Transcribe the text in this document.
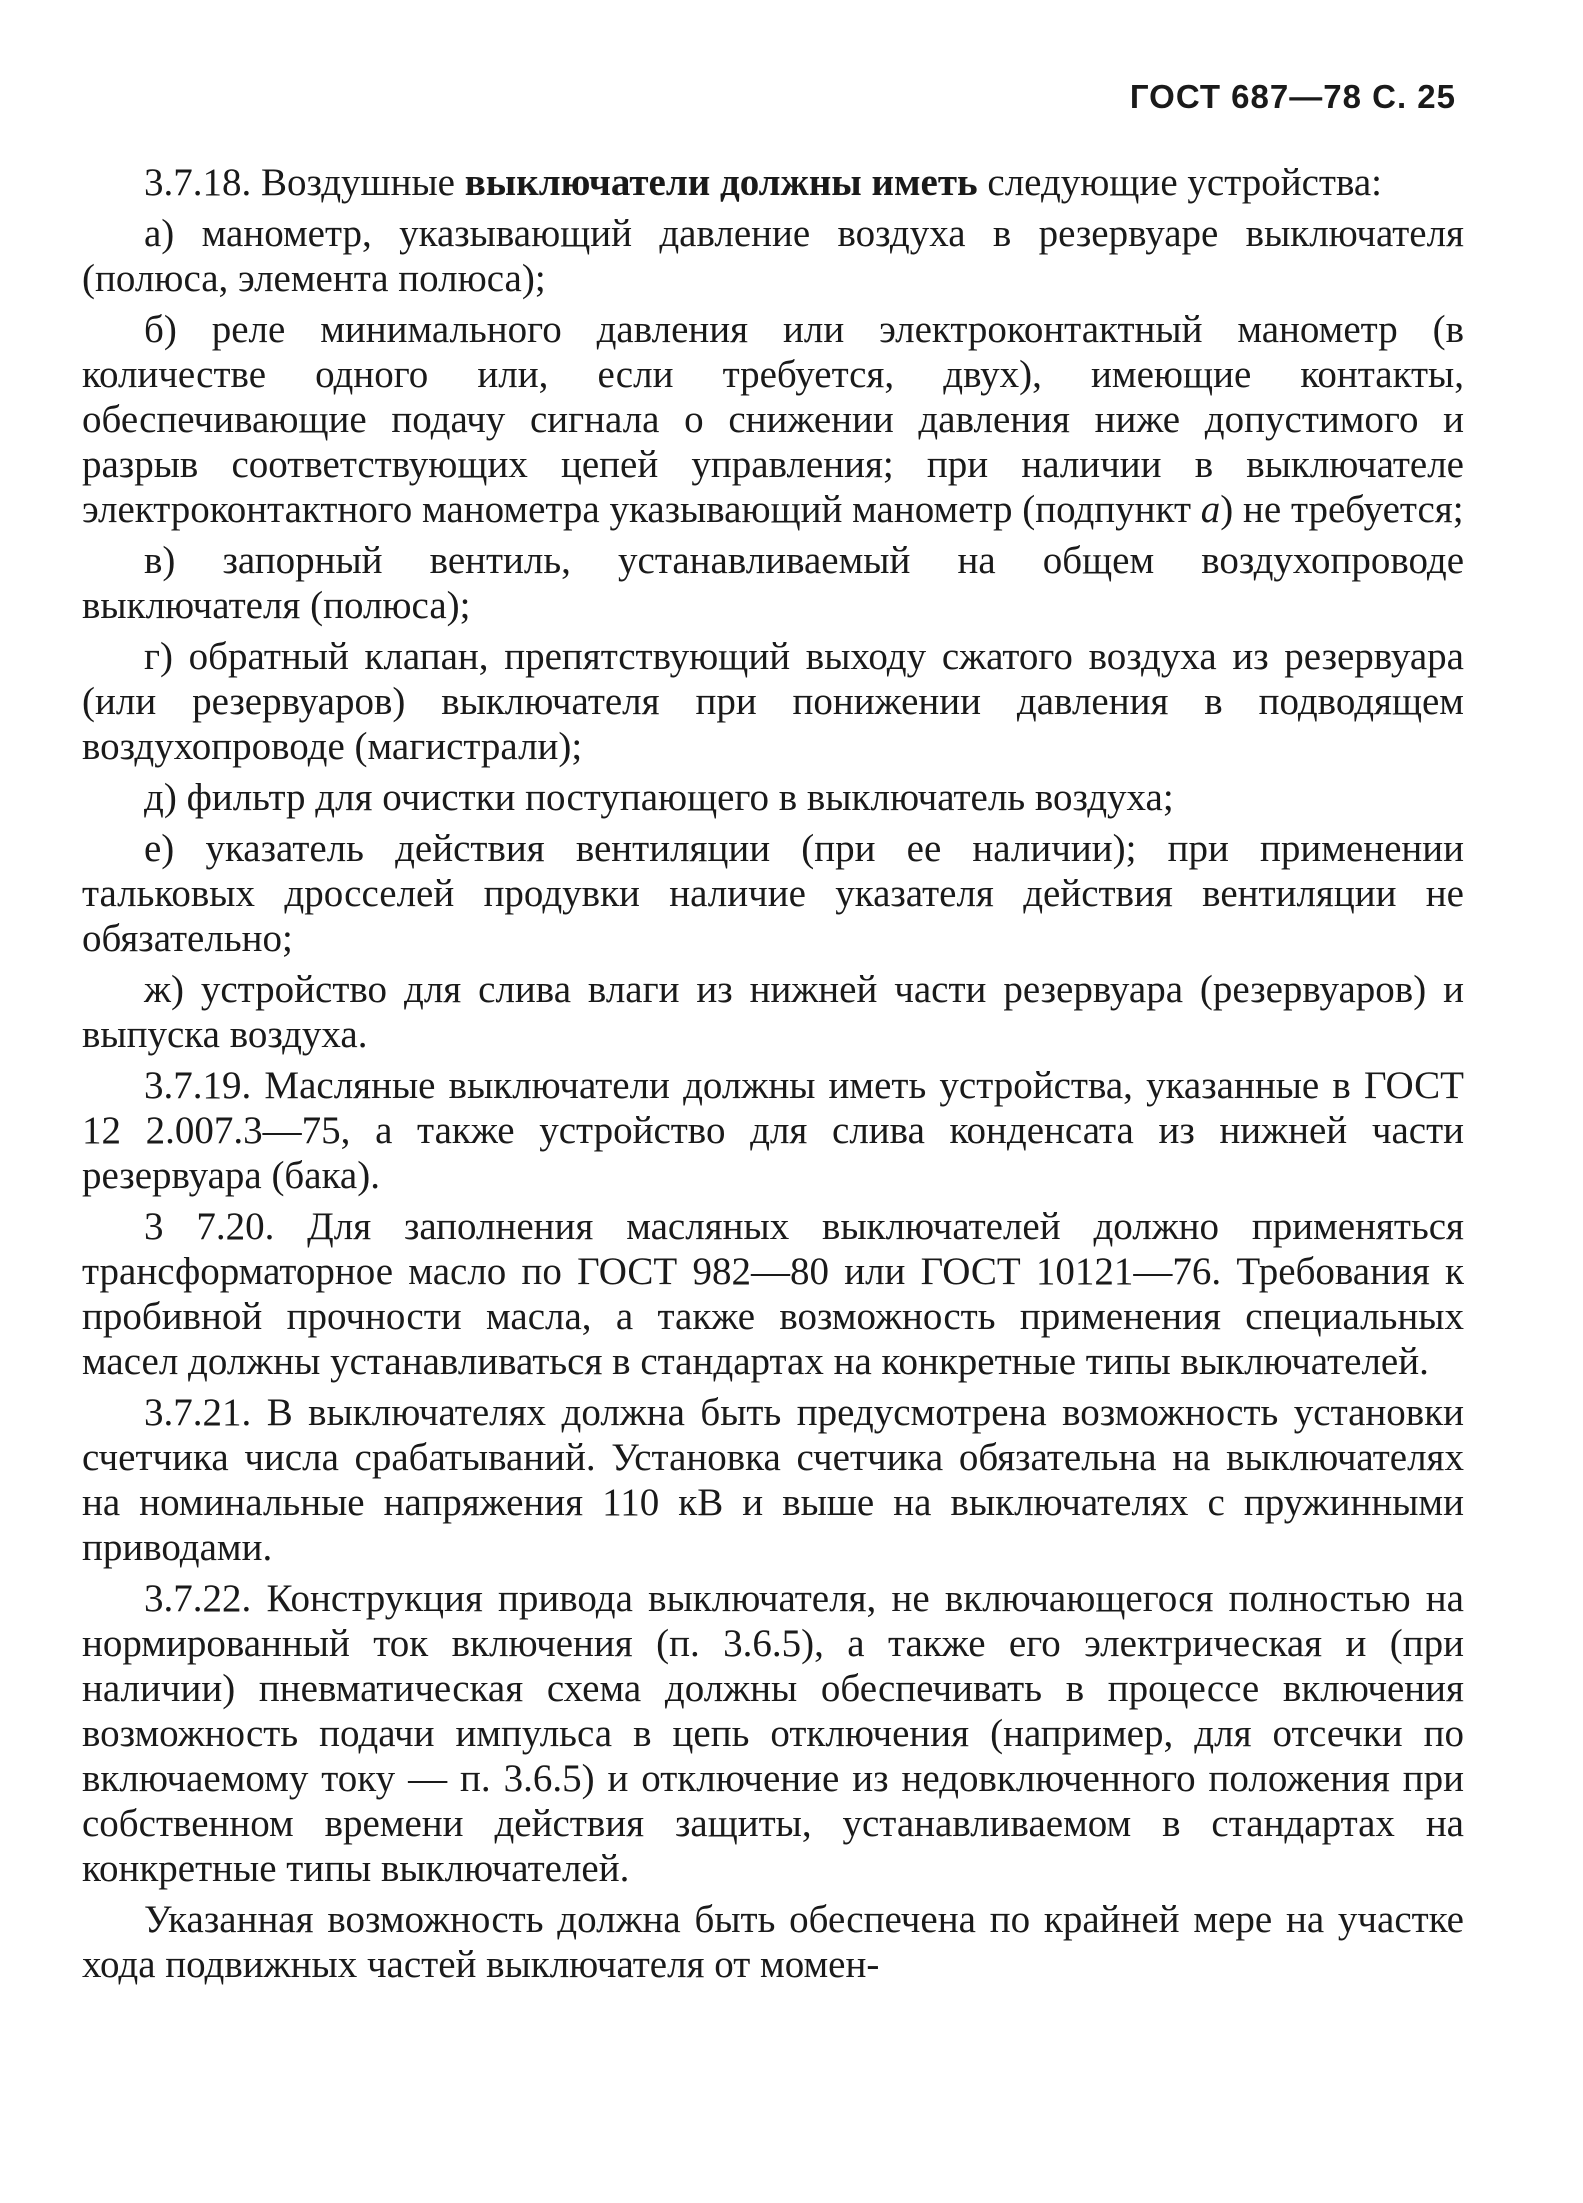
ГОСТ 687—78 С. 25

3.7.18. Воздушные выключатели должны иметь следующие устройства:

а) манометр, указывающий давление воздуха в резервуаре выключателя (полюса, элемента полюса);

б) реле минимального давления или электроконтактный манометр (в количестве одного или, если требуется, двух), имеющие контакты, обеспечивающие подачу сигнала о снижении давления ниже допустимого и разрыв соответствующих цепей управления; при наличии в выключателе электроконтактного манометра указывающий манометр (подпункт а) не требуется;

в) запорный вентиль, устанавливаемый на общем воздухопроводе выключателя (полюса);

г) обратный клапан, препятствующий выходу сжатого воздуха из резервуара (или резервуаров) выключателя при понижении давления в подводящем воздухопроводе (магистрали);

д) фильтр для очистки поступающего в выключатель воздуха;

е) указатель действия вентиляции (при ее наличии); при применении тальковых дросселей продувки наличие указателя действия вентиляции не обязательно;

ж) устройство для слива влаги из нижней части резервуара (резервуаров) и выпуска воздуха.

3.7.19. Масляные выключатели должны иметь устройства, указанные в ГОСТ 12 2.007.3—75, а также устройство для слива конденсата из нижней части резервуара (бака).

3 7.20. Для заполнения масляных выключателей должно применяться трансформаторное масло по ГОСТ 982—80 или ГОСТ 10121—76. Требования к пробивной прочности масла, а также возможность применения специальных масел должны устанавливаться в стандартах на конкретные типы выключателей.

3.7.21. В выключателях должна быть предусмотрена возможность установки счетчика числа срабатываний. Установка счетчика обязательна на выключателях на номинальные напряжения 110 кВ и выше на выключателях с пружинными приводами.

3.7.22. Конструкция привода выключателя, не включающегося полностью на нормированный ток включения (п. 3.6.5), а также его электрическая и (при наличии) пневматическая схема должны обеспечивать в процессе включения возможность подачи импульса в цепь отключения (например, для отсечки по включаемому току — п. 3.6.5) и отключение из недовключенного положения при собственном времени действия защиты, устанавливаемом в стандартах на конкретные типы выключателей.

Указанная возможность должна быть обеспечена по крайней мере на участке хода подвижных частей выключателя от момен-
